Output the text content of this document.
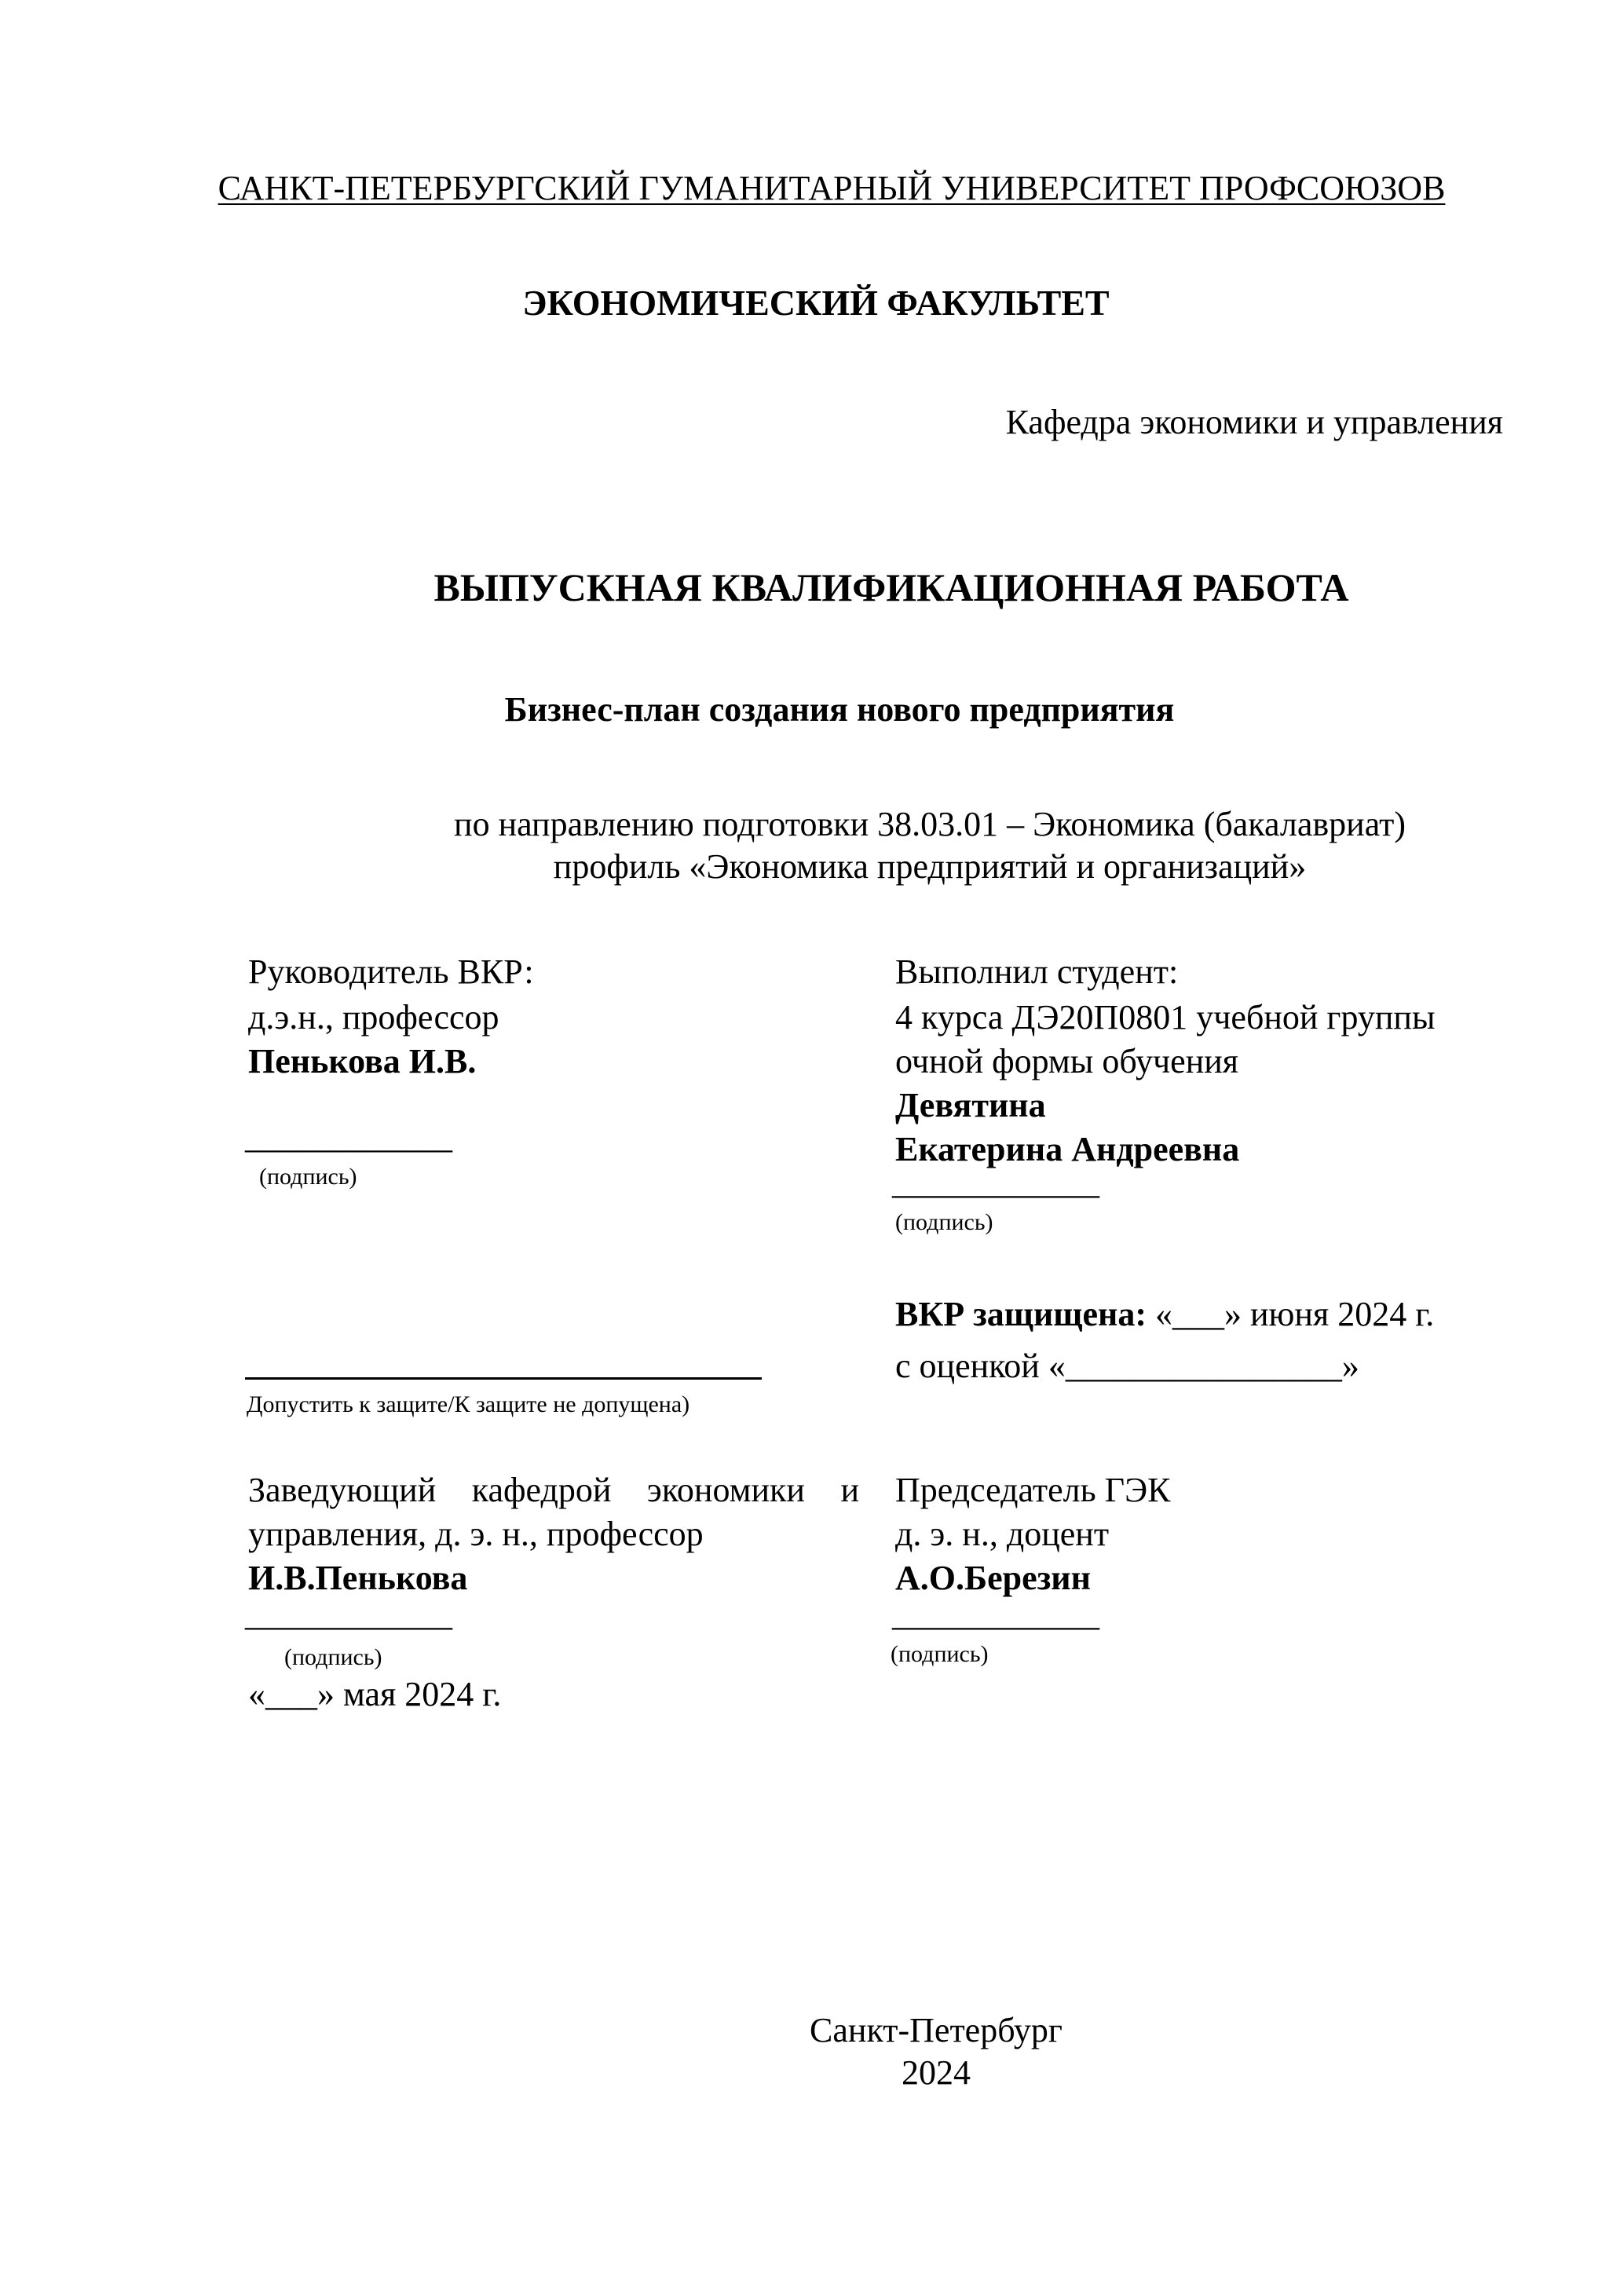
САНКТ-ПЕТЕРБУРГСКИЙ ГУМАНИТАРНЫЙ УНИВЕРСИТЕТ ПРОФСОЮЗОВ
ЭКОНОМИЧЕСКИЙ ФАКУЛЬТЕТ
Кафедра экономики и управления
ВЫПУСКНАЯ КВАЛИФИКАЦИОННАЯ РАБОТА
Бизнес-план создания нового предприятия
по направлению подготовки 38.03.01 – Экономика (бакалавриат)
профиль «Экономика предприятий и организаций»
Руководитель ВКР:
д.э.н., профессор
Пенькова И.В.
____________
(подпись)
Выполнил студент:
4 курса ДЭ20П0801 учебной группы
очной формы обучения
Девятина
Екатерина Андреевна
____________
(подпись)
Допустить к защите/К защите не допущена)
ВКР защищена: «___» июня 2024 г.
с оценкой «________________»
Заведующий кафедрой экономики и
управления, д. э. н., профессор
И.В.Пенькова
____________
(подпись)
«___» мая 2024 г.
Председатель ГЭК
д. э. н., доцент
А.О.Березин
____________
(подпись)
Санкт-Петербург
2024
